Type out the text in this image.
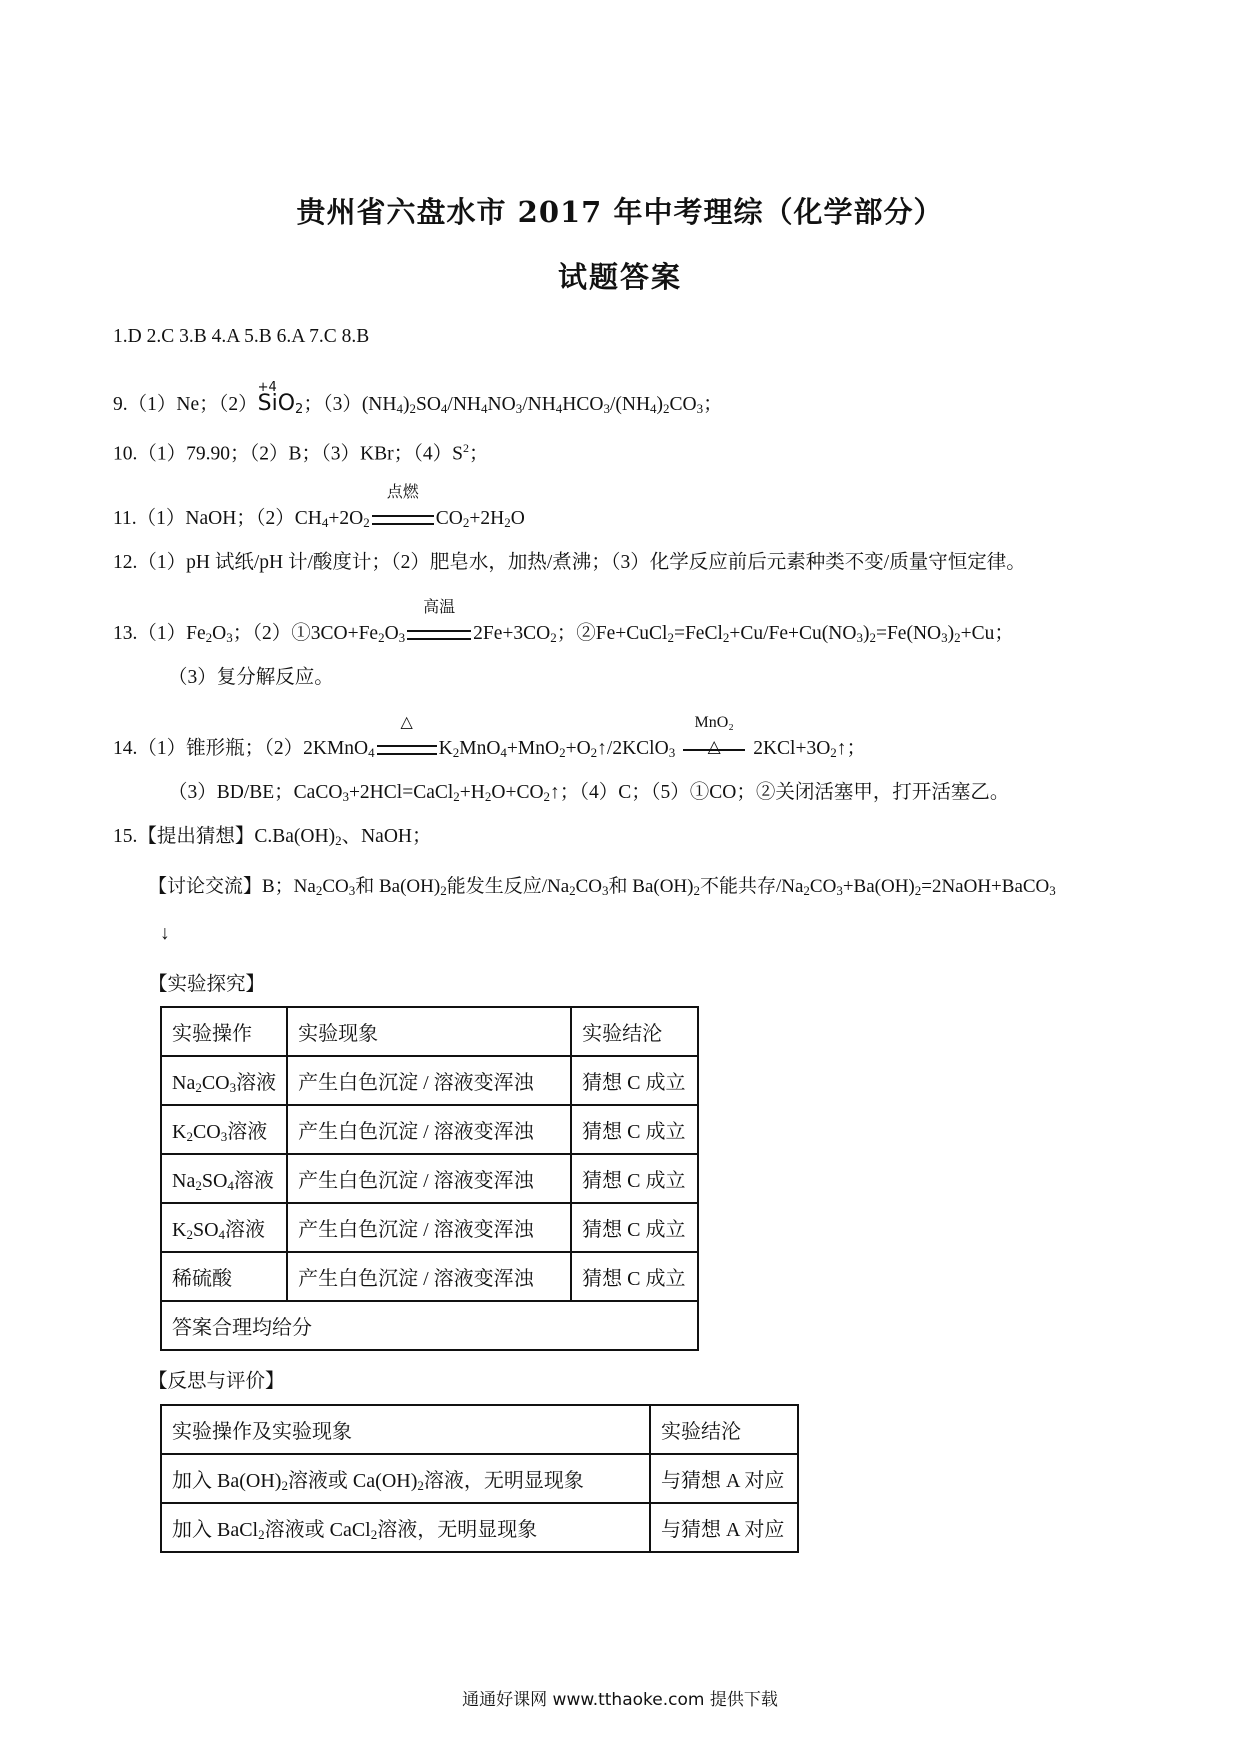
贵州省六盘水市 2017 年中考理综（化学部分）
试题答案
1.D 2.C 3.B 4.A 5.B 6.A 7.C 8.B
9.（1）Ne；（2）
+4
SiO$_2$；$(3)(NH_4)_2SO_4/NH_4NO_3/NH_4HCO_3/(NH_4)_2CO_3$；
10.（1）79.90；（2）B；（3）KBr；$(4)S^2$；
11.（1）NaOH；$(2)CH_4+2O_2$
点燃
$CO_2+2H_2O$
12.（1）pH 试纸/pH 计/酸度计；（2）肥皂水，加热/煮沸；（3）化学反应前后元素种类不变/质量守恒定律。
$13.(1)Fe_2O_3$；$(2)①3CO+Fe_2O_3$
高温
$2Fe+3CO_2$；$②Fe+CuCl_2=FeCl_2+Cu/Fe+Cu(NO_3)_2=Fe(NO_3)_2+Cu$；
（3）复分解反应。
14.（1）锥形瓶；（2）2KMnO$_4$
△
$K_2MnO_4+MnO_2+O_2↑/2KClO_3$
MnO₂
△	$2KCl+3O_2↑$；
（3）BD/BE；$CaCO_3+2HCl=CaCl_2+H_2O+CO_2↑$；（4）C；（5）①CO；②关闭活塞甲，打开活塞乙。
15.【提出猜想】$C.Ba(OH)_2$、NaOH；
【讨论交流】B；$Na_2CO_3$和 $Ba(OH)_2$能发生反应$/Na_2CO_3$和 $Ba(OH)_2$不能共存$/Na_2CO_3+Ba(OH)_2=2NaOH+BaCO_3$
↓
【实验探究】
实验操作	实验现象	实验结沦
$Na_2CO_3$溶液	产生白色沉淀 / 溶液变浑浊	猜想 C 成立
$K_2CO_3$溶液	产生白色沉淀 / 溶液变浑浊	猜想 C 成立
$Na_2SO_4$溶液	产生白色沉淀 / 溶液变浑浊	猜想 C 成立
$K_2SO_4$溶液	产生白色沉淀 / 溶液变浑浊	猜想 C 成立
稀硫酸	产生白色沉淀 / 溶液变浑浊	猜想 C 成立
答案合理均给分		
【反思与评价】
实验操作及实验现象	实验结沦
加入 $Ba(OH)_2$溶液或 $Ca(OH)_2$溶液，无明显现象	与猜想 A 对应
加入 BaCl$_2$溶液或 CaCl$_2$溶液，无明显现象	与猜想 A 对应
通通好课网 www.tthaoke.com 提供下载
